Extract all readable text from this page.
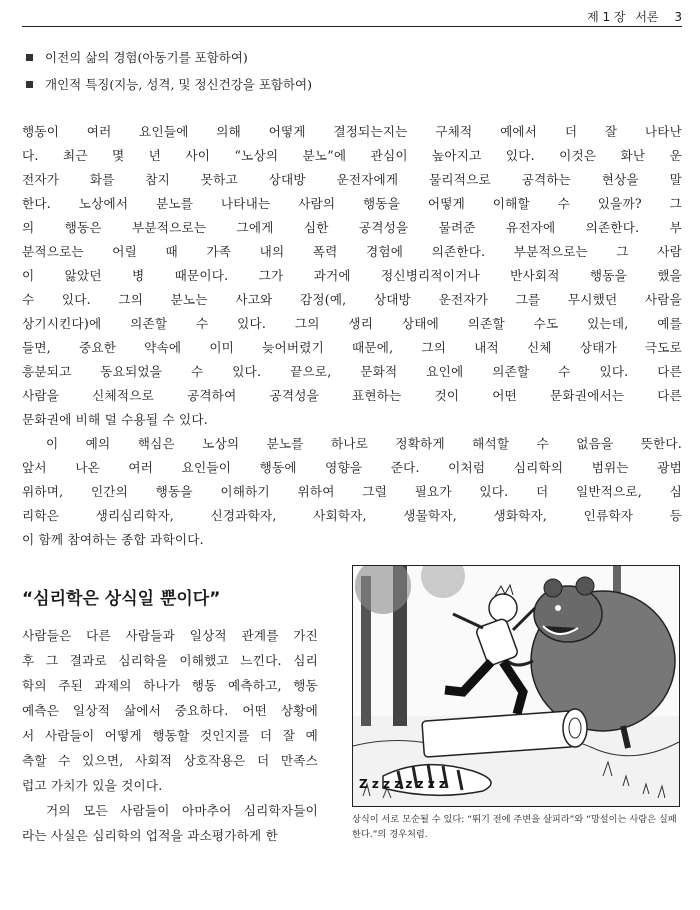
제 1 장 서론 3
이전의 삶의 경험(아동기를 포함하여)
개인적 특징(지능, 성격, 및 정신건강을 포함하여)
행동이 여러 요인들에 의해 어떻게 결정되는지는 구체적 예에서 더 잘 나타난
다. 최근 몇 년 사이 “노상의 분노”에 관심이 높아지고 있다. 이것은 화난 운
전자가 화를 참지 못하고 상대방 운전자에게 물리적으로 공격하는 현상을 말
한다. 노상에서 분노를 나타내는 사람의 행동을 어떻게 이해할 수 있을까? 그
의 행동은 부분적으로는 그에게 심한 공격성을 물려준 유전자에 의존한다. 부
분적으로는 어릴 때 가족 내의 폭력 경험에 의존한다. 부분적으로는 그 사람
이 앓았던 병 때문이다. 그가 과거에 정신병리적이거나 반사회적 행동을 했을
수 있다. 그의 분노는 사고와 감정(예, 상대방 운전자가 그를 무시했던 사람을
상기시킨다)에 의존할 수 있다. 그의 생리 상태에 의존할 수도 있는데, 예를
들면, 중요한 약속에 이미 늦어버렸기 때문에, 그의 내적 신체 상태가 극도로
흥분되고 동요되었을 수 있다. 끝으로, 문화적 요인에 의존할 수 있다. 다른
사람을 신체적으로 공격하여 공격성을 표현하는 것이 어떤 문화권에서는 다른
문화권에 비해 덜 수용될 수 있다.
이 예의 핵심은 노상의 분노를 하나로 정확하게 해석할 수 없음을 뜻한다.
앞서 나온 여러 요인들이 행동에 영향을 준다. 이처럼 심리학의 범위는 광범
위하며, 인간의 행동을 이해하기 위하여 그럴 필요가 있다. 더 일반적으로, 심
리학은 생리심리학자, 신경과학자, 사회학자, 생물학자, 생화학자, 인류학자 등
이 함께 참여하는 종합 과학이다.
“심리학은 상식일 뿐이다”
사람들은 다른 사람들과 일상적 관계를 가진
후 그 결과로 심리학을 이해했고 느낀다. 심리
학의 주된 과제의 하나가 행동 예측하고, 행동
예측은 일상적 삶에서 중요하다. 어떤 상황에
서 사람들이 어떻게 행동할 것인지를 더 잘 예
측할 수 있으면, 사회적 상호작용은 더 만족스
럽고 가치가 있을 것이다.
거의 모든 사람들이 아마추어 심리학자들이
라는 사실은 심리학의 업적을 과소평가하게 한
Z z z z z z z z
상식이 서로 모순될 수 있다: “뛰기 전에 주변을 살피라”와 “망설이는 사람은 실패한다.”의 경우처럼.
